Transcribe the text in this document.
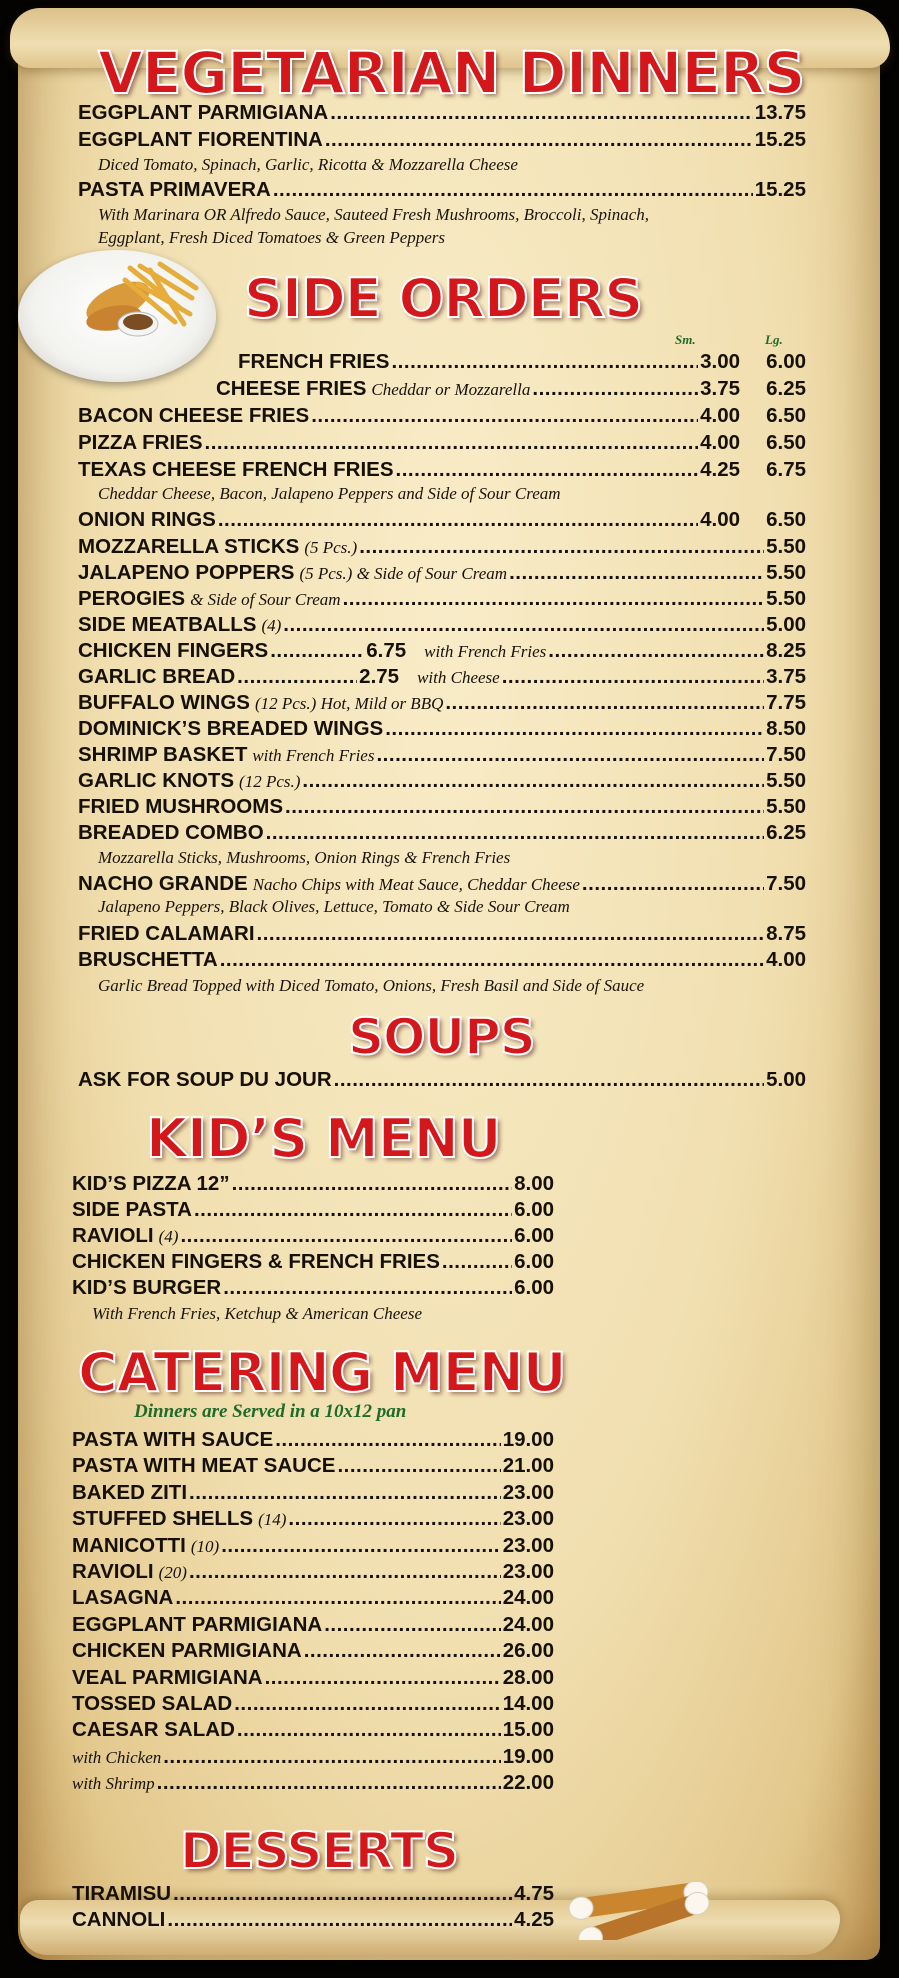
VEGETARIAN DINNERS
EGGPLANT PARMIGIANA .....	13.75
EGGPLANT FIORENTINA .....	15.25
Diced Tomato, Spinach, Garlic, Ricotta & Mozzarella Cheese
PASTA PRIMAVERA .....	15.25
With Marinara OR Alfredo Sauce, Sauteed Fresh Mushrooms, Broccoli, Spinach,
Eggplant, Fresh Diced Tomatoes & Green Peppers
SIDE ORDERS
Sm.	Lg.
FRENCH FRIES .....	3.00	6.00
CHEESE FRIES Cheddar or Mozzarella .....	3.75	6.25
BACON CHEESE FRIES .....	4.00	6.50
PIZZA FRIES .....	4.00	6.50
TEXAS CHEESE FRENCH FRIES .....	4.25	6.75
Cheddar Cheese, Bacon, Jalapeno Peppers and Side of Sour Cream
ONION RINGS .....	4.00	6.50
MOZZARELLA STICKS (5 Pcs.) .....	5.50
JALAPENO POPPERS (5 Pcs.) & Side of Sour Cream .....	5.50
PEROGIES & Side of Sour Cream .....	5.50
SIDE MEATBALLS (4) .....	5.00
CHICKEN FINGERS .....	6.75 with French Fries .....	8.25
GARLIC BREAD .....	2.75 with Cheese .....	3.75
BUFFALO WINGS (12 Pcs.) Hot, Mild or BBQ .....	7.75
DOMINICK’S BREADED WINGS .....	8.50
SHRIMP BASKET with French Fries .....	7.50
GARLIC KNOTS (12 Pcs.) .....	5.50
FRIED MUSHROOMS .....	5.50
BREADED COMBO .....	6.25
Mozzarella Sticks, Mushrooms, Onion Rings & French Fries
NACHO GRANDE Nacho Chips with Meat Sauce, Cheddar Cheese .....	7.50
Jalapeno Peppers, Black Olives, Lettuce, Tomato & Side Sour Cream
FRIED CALAMARI .....	8.75
BRUSCHETTA .....	4.00
Garlic Bread Topped with Diced Tomato, Onions, Fresh Basil and Side of Sauce
SOUPS
ASK FOR SOUP DU JOUR .....	5.00
KID’S MENU
KID’S PIZZA 12” .....	8.00
SIDE PASTA .....	6.00
RAVIOLI (4) .....	6.00
CHICKEN FINGERS & FRENCH FRIES .....	6.00
KID’S BURGER .....	6.00
With French Fries, Ketchup & American Cheese
CATERING MENU
Dinners are Served in a 10x12 pan
PASTA WITH SAUCE .....	19.00
PASTA WITH MEAT SAUCE .....	21.00
BAKED ZITI .....	23.00
STUFFED SHELLS (14) .....	23.00
MANICOTTI (10) .....	23.00
RAVIOLI (20) .....	23.00
LASAGNA .....	24.00
EGGPLANT PARMIGIANA .....	24.00
CHICKEN PARMIGIANA .....	26.00
VEAL PARMIGIANA .....	28.00
TOSSED SALAD .....	14.00
CAESAR SALAD .....	15.00
with Chicken .....	19.00
with Shrimp .....	22.00
DESSERTS
TIRAMISU .....	4.75
CANNOLI .....	4.25
